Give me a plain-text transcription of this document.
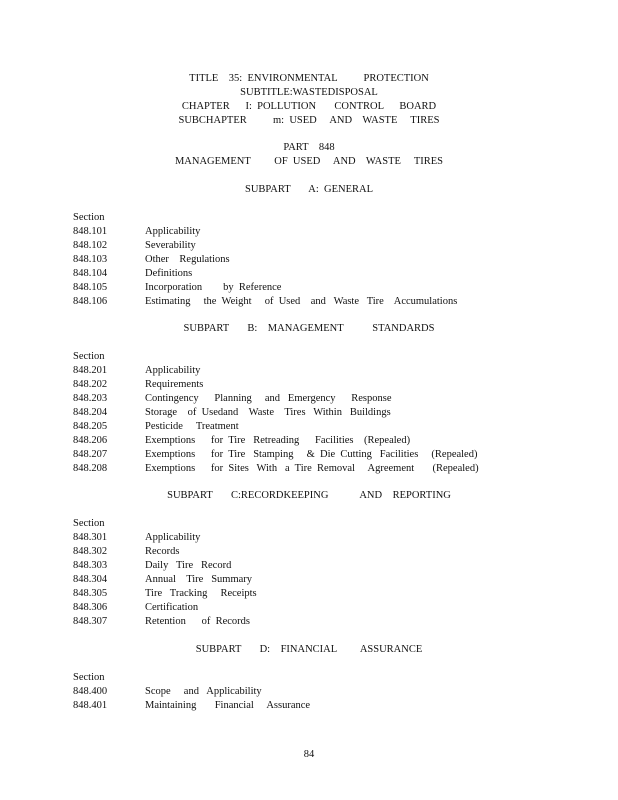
TITLE    35:  ENVIRONMENTAL          PROTECTION
SUBTITLE:WASTEDISPOSAL
CHAPTER      I:  POLLUTION       CONTROL      BOARD
SUBCHAPTER          m:  USED     AND    WASTE     TIRES
PART    848
MANAGEMENT         OF  USED     AND    WASTE     TIRES
SUBPART       A:  GENERAL
Section
848.101	Applicability
848.102	Severability
848.103	Other    Regulations
848.104	Definitions
848.105	Incorporation        by  Reference
848.106	Estimating     the  Weight     of  Used    and   Waste   Tire    Accumulations
SUBPART       B:    MANAGEMENT           STANDARDS
Section
848.201	Applicability
848.202	Requirements
848.203	Contingency      Planning     and   Emergency      Response
848.204	Storage    of  Usedand    Waste    Tires   Within   Buildings
848.205	Pesticide     Treatment
848.206	Exemptions      for  Tire   Retreading      Facilities    (Repealed)
848.207	Exemptions      for  Tire   Stamping     &  Die  Cutting   Facilities     (Repealed)
848.208	Exemptions      for  Sites   With   a  Tire  Removal     Agreement       (Repealed)
SUBPART       C:RECORDKEEPING            AND    REPORTING
Section
848.301	Applicability
848.302	Records
848.303	Daily   Tire   Record
848.304	Annual    Tire   Summary
848.305	Tire   Tracking     Receipts
848.306	Certification
848.307	Retention      of  Records
SUBPART       D:    FINANCIAL         ASSURANCE
Section
848.400	Scope     and   Applicability
848.401	Maintaining       Financial     Assurance
84
